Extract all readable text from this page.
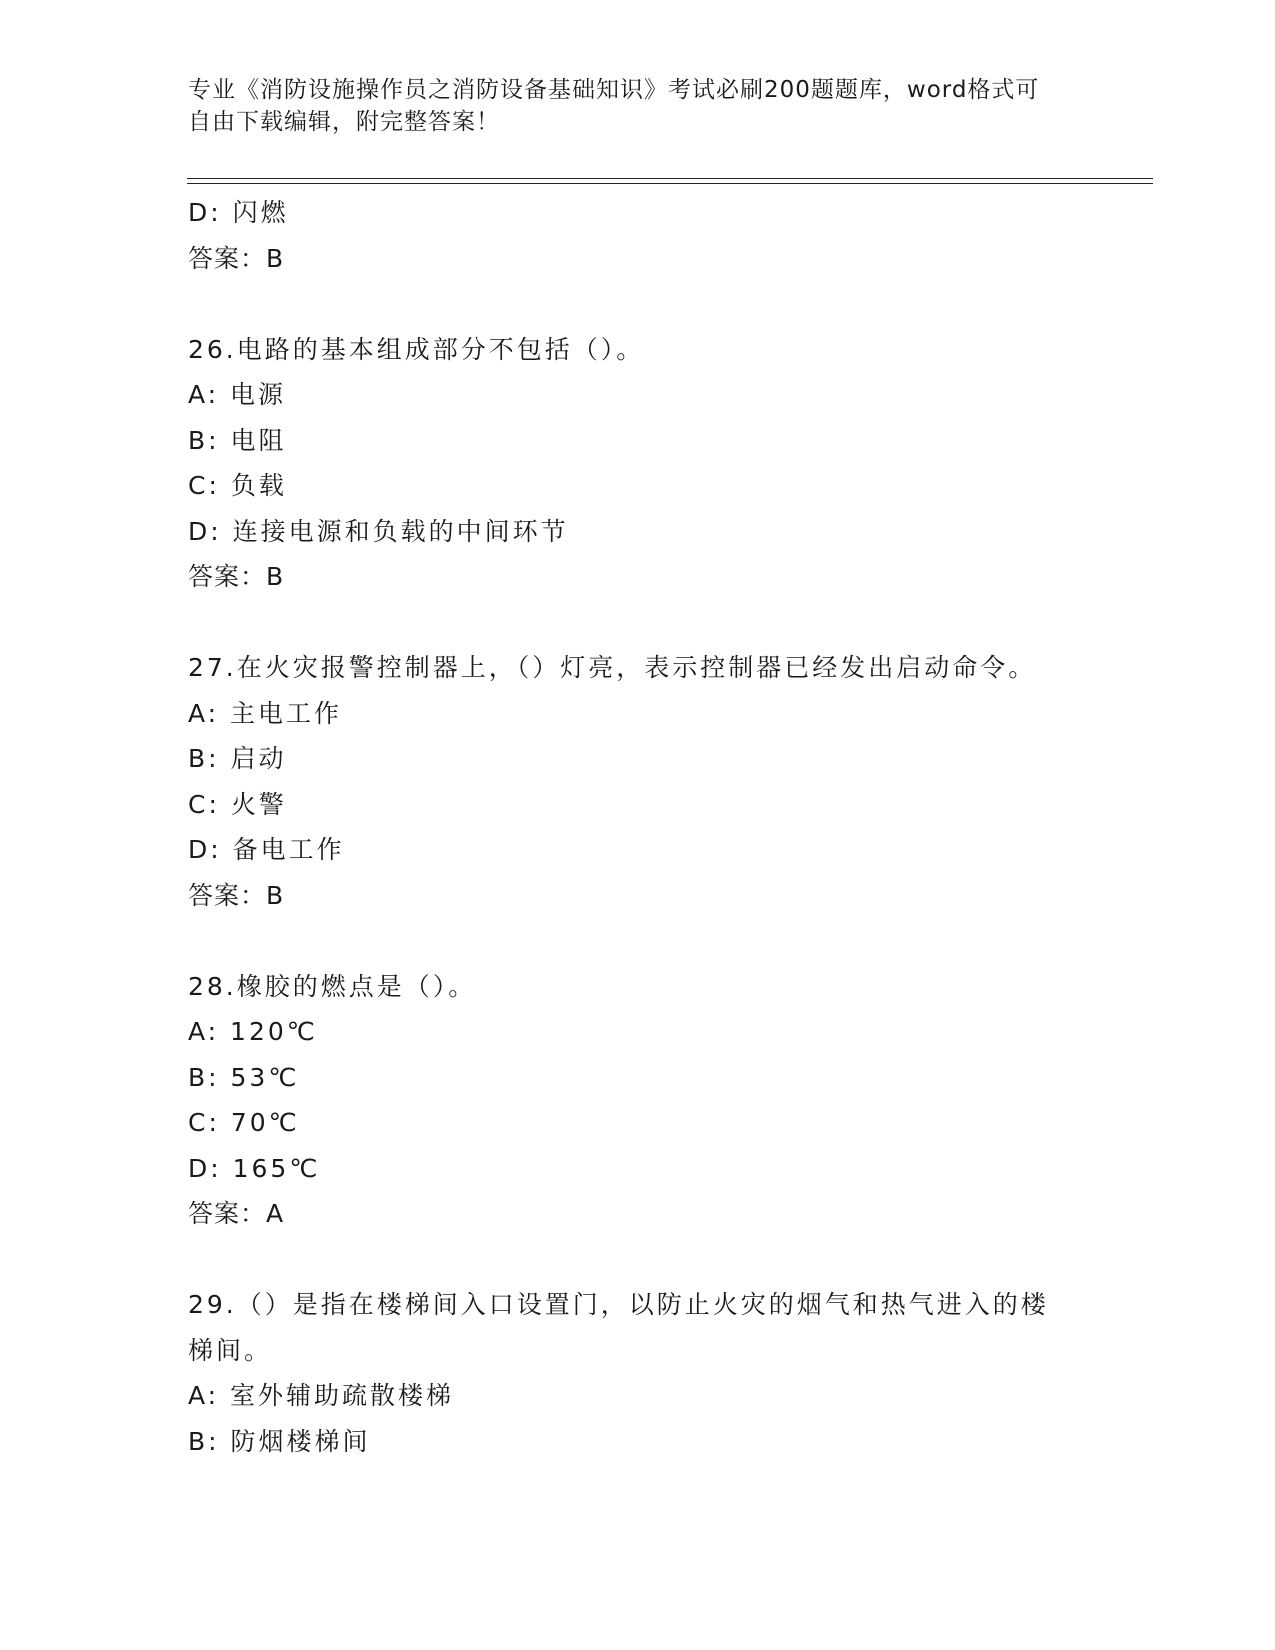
专业《消防设施操作员之消防设备基础知识》考试必刷200题题库，word格式可
自由下载编辑，附完整答案！
D: 闪燃
答案：B
26.电路的基本组成部分不包括（）。
A: 电源
B: 电阻
C: 负载
D: 连接电源和负载的中间环节
答案：B
27.在火灾报警控制器上，（）灯亮，表示控制器已经发出启动命令。
A: 主电工作
B: 启动
C: 火警
D: 备电工作
答案：B
28.橡胶的燃点是（）。
A: 120℃
B: 53℃
C: 70℃
D: 165℃
答案：A
29.（）是指在楼梯间入口设置门，以防止火灾的烟气和热气进入的楼
梯间。
A: 室外辅助疏散楼梯
B: 防烟楼梯间
